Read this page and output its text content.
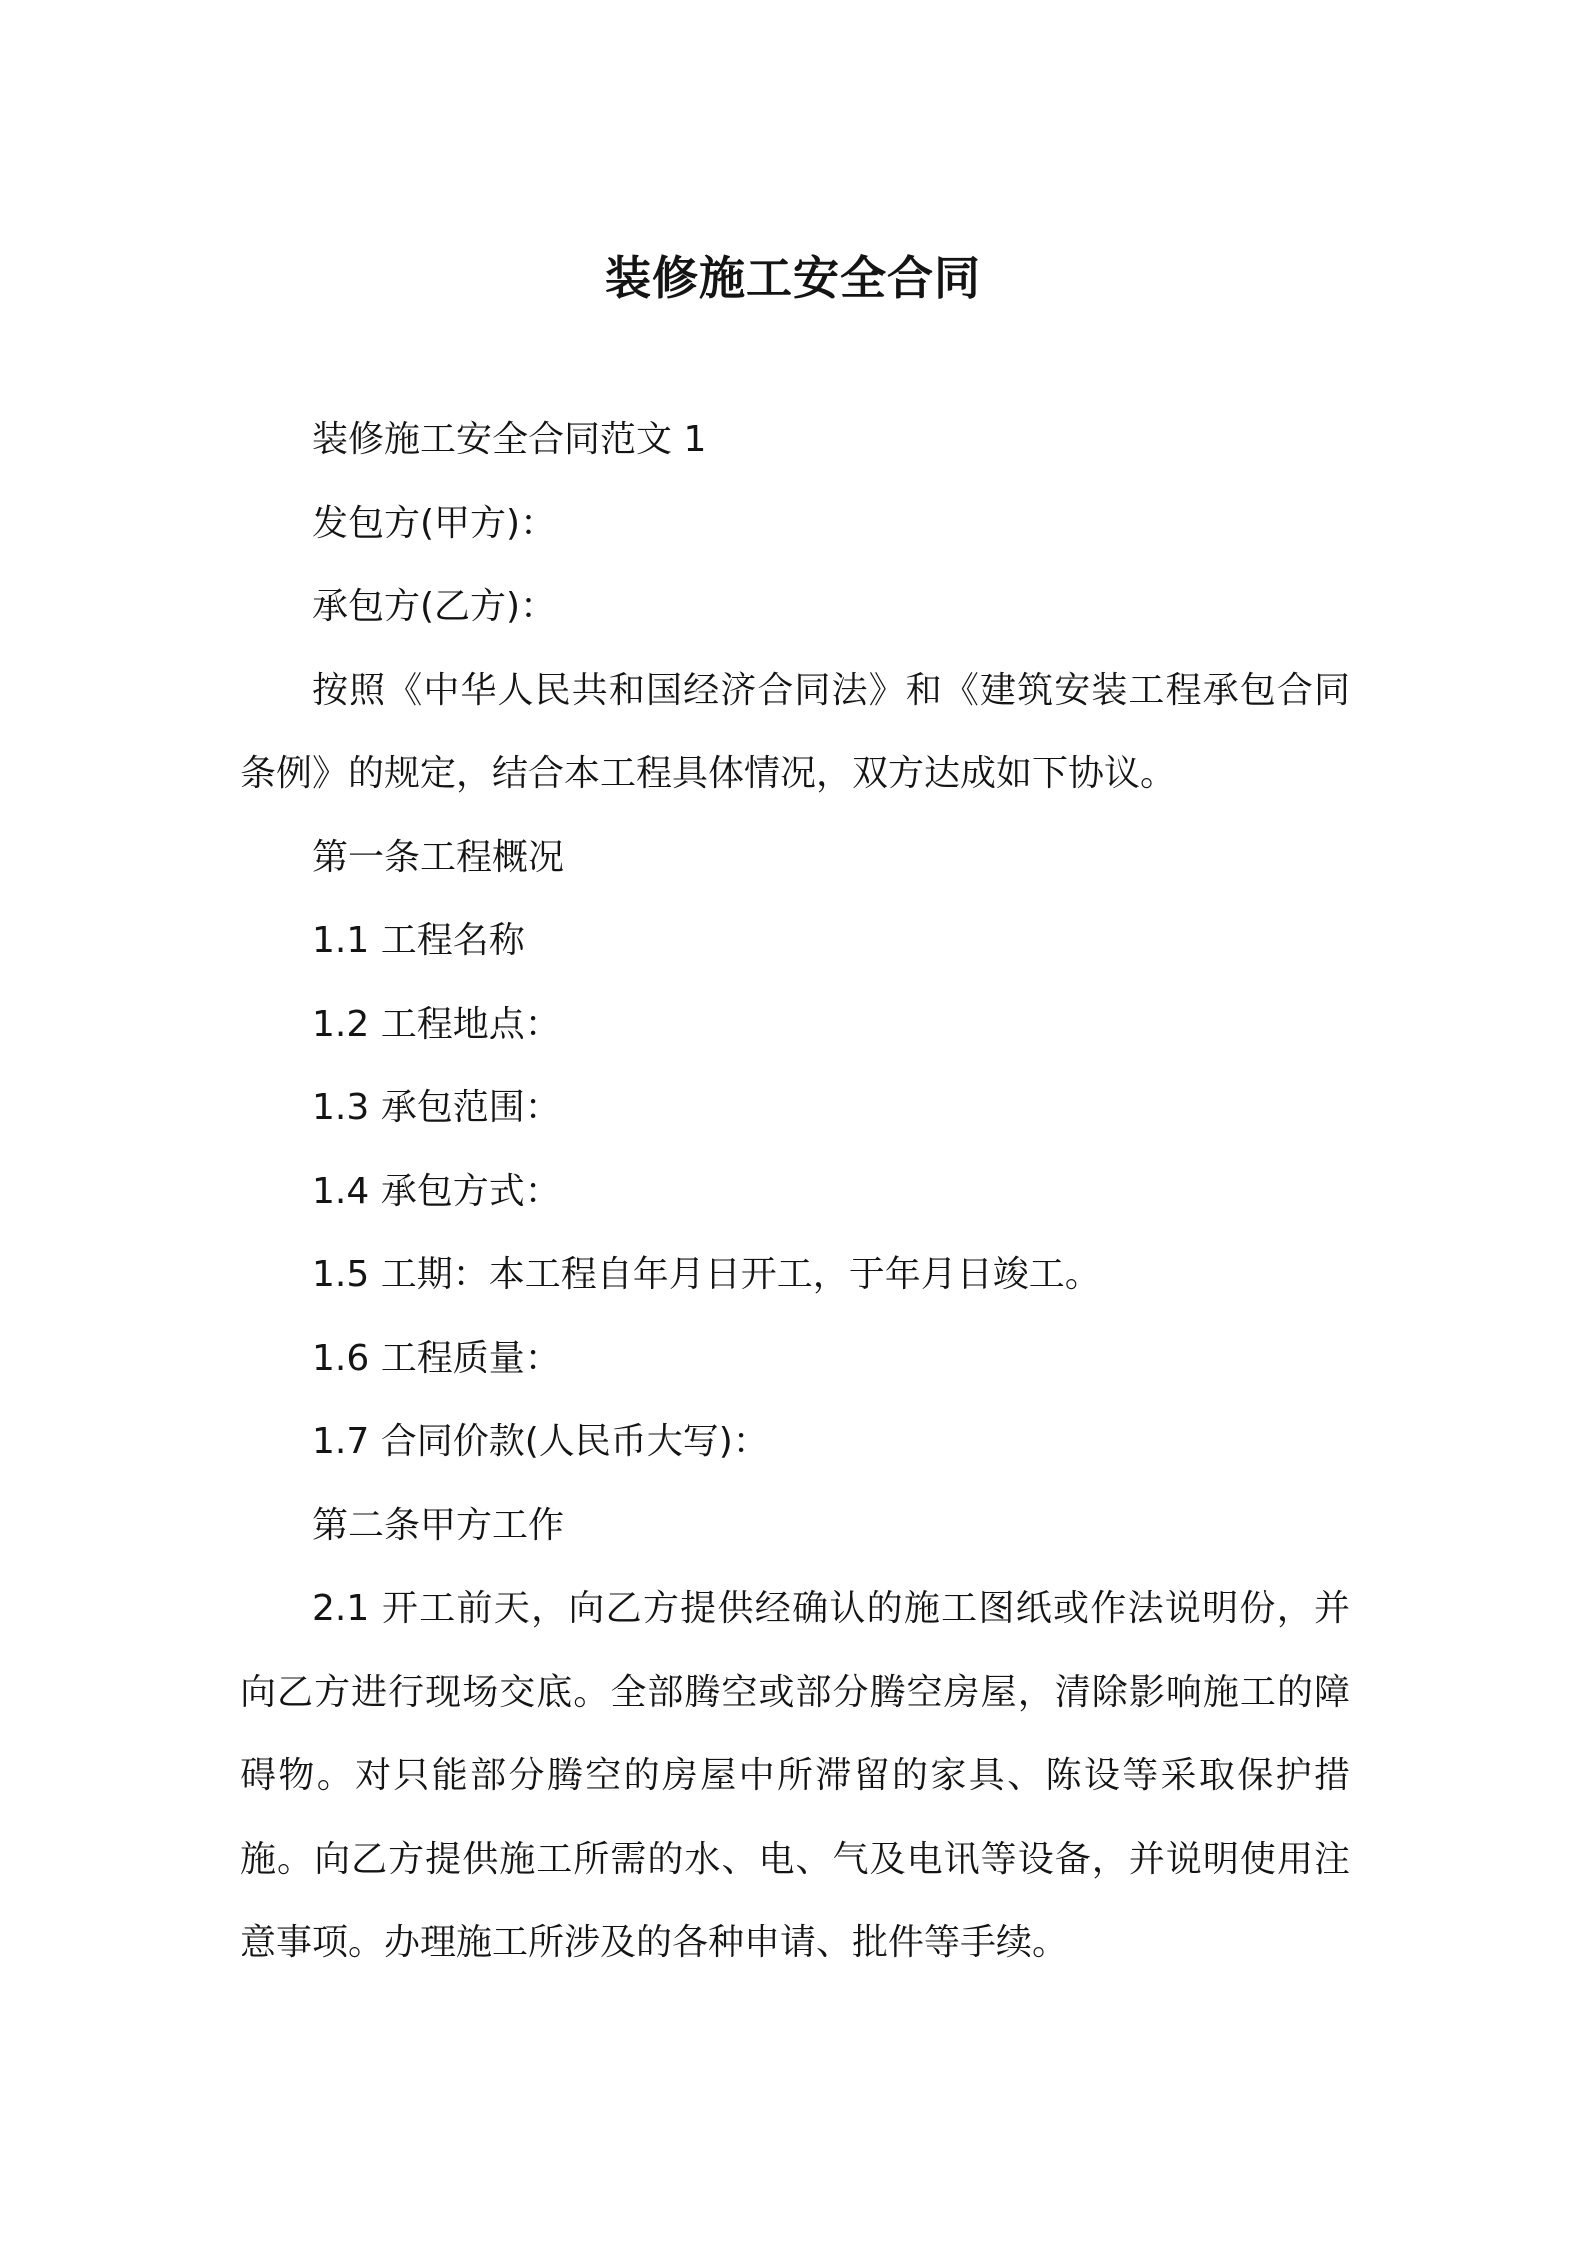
装修施工安全合同

装修施工安全合同范文 1

发包方(甲方)：

承包方(乙方)：

按照《中华人民共和国经济合同法》和《建筑安装工程承包合同条例》的规定，结合本工程具体情况，双方达成如下协议。

第一条工程概况

1.1 工程名称

1.2 工程地点：

1.3 承包范围：

1.4 承包方式：

1.5 工期：本工程自年月日开工，于年月日竣工。

1.6 工程质量：

1.7 合同价款(人民币大写)：

第二条甲方工作

2.1 开工前天，向乙方提供经确认的施工图纸或作法说明份，并向乙方进行现场交底。全部腾空或部分腾空房屋，清除影响施工的障碍物。对只能部分腾空的房屋中所滞留的家具、陈设等采取保护措施。向乙方提供施工所需的水、电、气及电讯等设备，并说明使用注意事项。办理施工所涉及的各种申请、批件等手续。
